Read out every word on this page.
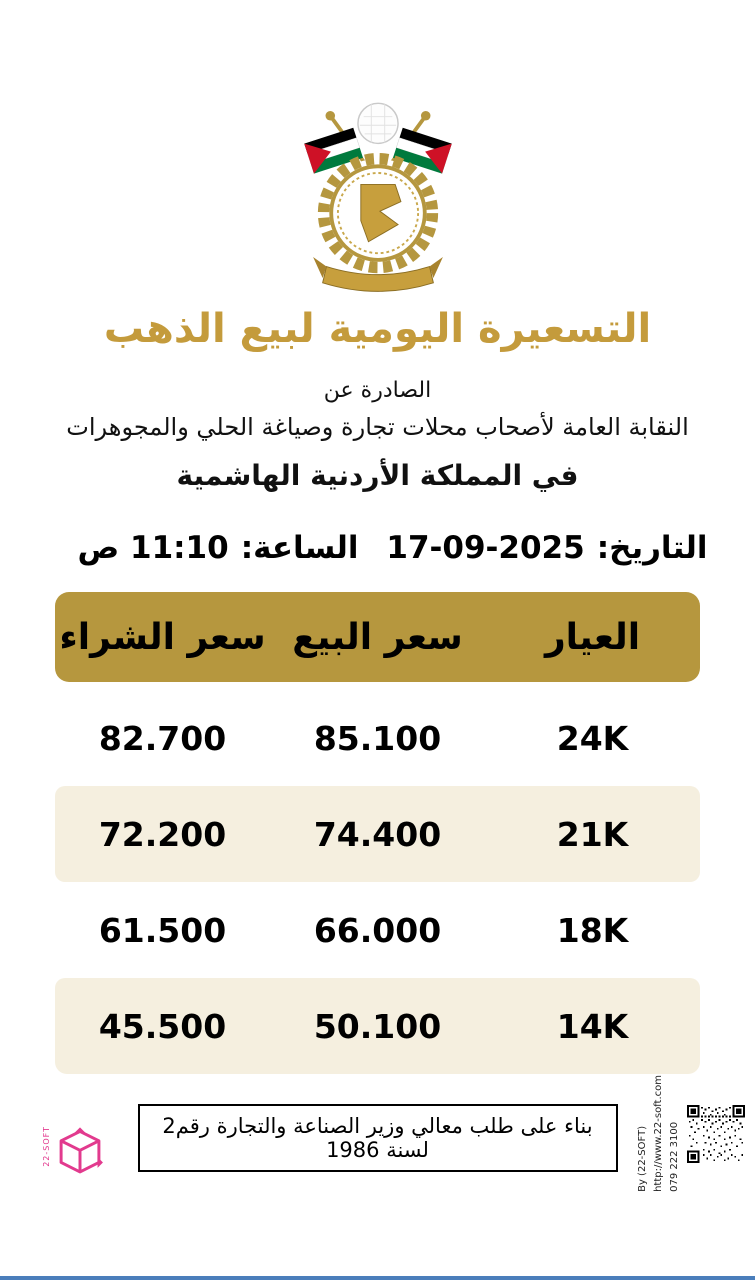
التسعيرة اليومية لبيع الذهب
الصادرة عن
النقابة العامة لأصحاب محلات تجارة وصياغة الحلي والمجوهرات
في المملكة الأردنية الهاشمية
التاريخ:
17-09-2025
الساعة:
11:10 ص
العيار
سعر البيع
سعر الشراء
24K
85.100
82.700
21K
74.400
72.200
18K
66.000
61.500
14K
50.100
45.500
بناء على طلب معالي وزير الصناعة والتجارة رقم2 لسنة 1986
22-SOFT	By (22-SOFT) http://www.22-soft.com 079 222 3100
